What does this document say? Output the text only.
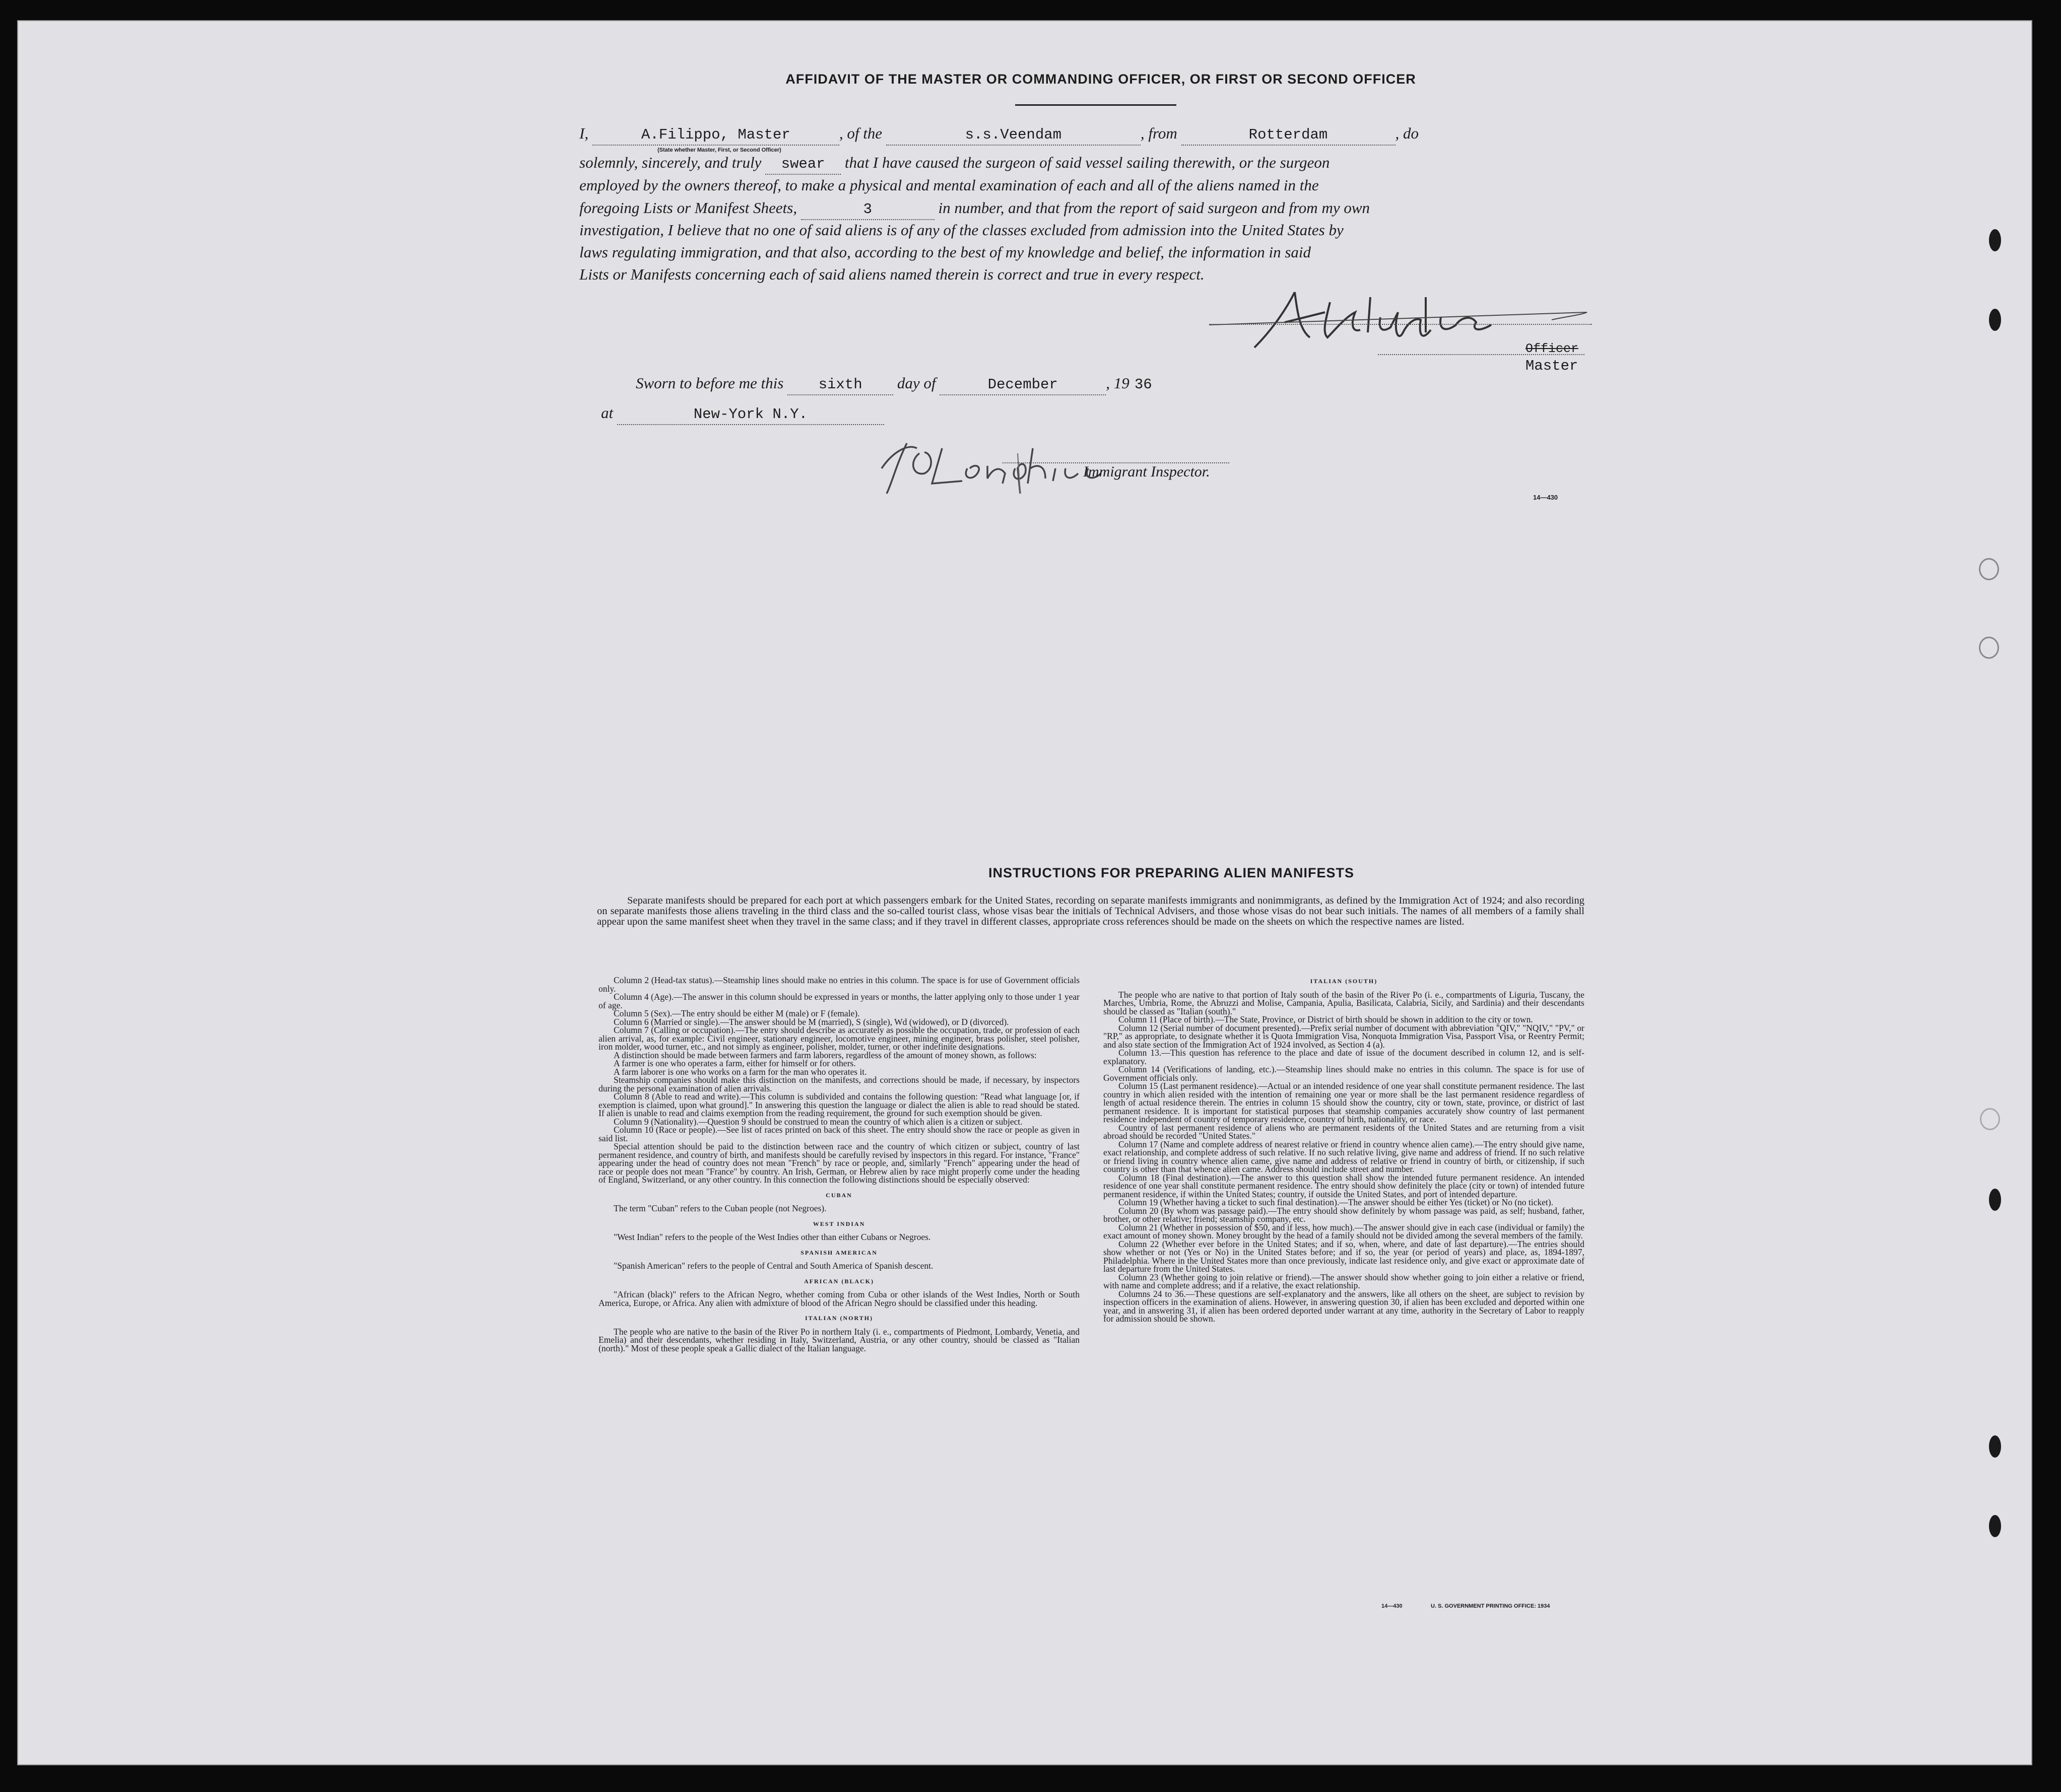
AFFIDAVIT OF THE MASTER OR COMMANDING OFFICER, OR FIRST OR SECOND OFFICER
I,	A.Filippo, Master	, of the	s.s.Veendam	, from	Rotterdam	, do
(State whether Master, First, or Second Officer)
solemnly, sincerely, and truly swear that I have caused the surgeon of said vessel sailing therewith, or the surgeon
employed by the owners thereof, to make a physical and mental examination of each and all of the aliens named in the
foregoing Lists or Manifest Sheets,	3	in number, and that from the report of said surgeon and from my own
investigation, I believe that no one of said aliens is of any of the classes excluded from admission into the United States by
laws regulating immigration, and that also, according to the best of my knowledge and belief, the information in said
Lists or Manifests concerning each of said aliens named therein is correct and true in every respect.
Officer
Master
Sworn to before me this sixth day of	December	, 19 36
at	New-York N.Y.
Immigrant Inspector.
14—430
INSTRUCTIONS FOR PREPARING ALIEN MANIFESTS
Separate manifests should be prepared for each port at which passengers embark for the United States, recording on separate manifests immigrants and nonimmigrants, as defined by the Immigration Act of 1924; and also recording on separate manifests those aliens traveling in the third class and the so-called tourist class, whose visas bear the initials of Technical Advisers, and those whose visas do not bear such initials. The names of all members of a family shall appear upon the same manifest sheet when they travel in the same class; and if they travel in different classes, appropriate cross references should be made on the sheets on which the respective names are listed.

Column 2 (Head-tax status).—Steamship lines should make no entries in this column. The space is for use of Government officials only.

Column 4 (Age).—The answer in this column should be expressed in years or months, the latter applying only to those under 1 year of age.

Column 5 (Sex).—The entry should be either M (male) or F (female).

Column 6 (Married or single).—The answer should be M (married), S (single), Wd (widowed), or D (divorced).

Column 7 (Calling or occupation).—The entry should describe as accurately as possible the occupation, trade, or profession of each alien arrival, as, for example: Civil engineer, stationary engineer, locomotive engineer, mining engineer, brass polisher, steel polisher, iron molder, wood turner, etc., and not simply as engineer, polisher, molder, turner, or other indefinite designations.

A distinction should be made between farmers and farm laborers, regardless of the amount of money shown, as follows:

A farmer is one who operates a farm, either for himself or for others.

A farm laborer is one who works on a farm for the man who operates it.

Steamship companies should make this distinction on the manifests, and corrections should be made, if necessary, by inspectors during the personal examination of alien arrivals.

Column 8 (Able to read and write).—This column is subdivided and contains the following question: "Read what language [or, if exemption is claimed, upon what ground]." In answering this question the language or dialect the alien is able to read should be stated. If alien is unable to read and claims exemption from the reading requirement, the ground for such exemption should be given.

Column 9 (Nationality).—Question 9 should be construed to mean the country of which alien is a citizen or subject.

Column 10 (Race or people).—See list of races printed on back of this sheet. The entry should show the race or people as given in said list.

Special attention should be paid to the distinction between race and the country of which citizen or subject, country of last permanent residence, and country of birth, and manifests should be carefully revised by inspectors in this regard. For instance, "France" appearing under the head of country does not mean "French" by race or people, and, similarly "French" appearing under the head of race or people does not mean "France" by country. An Irish, German, or Hebrew alien by race might properly come under the heading of England, Switzerland, or any other country. In this connection the following distinctions should be especially observed:

CUBAN

The term "Cuban" refers to the Cuban people (not Negroes).

WEST INDIAN

"West Indian" refers to the people of the West Indies other than either Cubans or Negroes.

SPANISH AMERICAN

"Spanish American" refers to the people of Central and South America of Spanish descent.

AFRICAN (BLACK)

"African (black)" refers to the African Negro, whether coming from Cuba or other islands of the West Indies, North or South America, Europe, or Africa. Any alien with admixture of blood of the African Negro should be classified under this heading.

ITALIAN (NORTH)

The people who are native to the basin of the River Po in northern Italy (i. e., compartments of Piedmont, Lombardy, Venetia, and Emelia) and their descendants, whether residing in Italy, Switzerland, Austria, or any other country, should be classed as "Italian (north)." Most of these people speak a Gallic dialect of the Italian language.

ITALIAN (SOUTH)

The people who are native to that portion of Italy south of the basin of the River Po (i. e., compartments of Liguria, Tuscany, the Marches, Umbria, Rome, the Abruzzi and Molise, Campania, Apulia, Basilicata, Calabria, Sicily, and Sardinia) and their descendants should be classed as "Italian (south)."

Column 11 (Place of birth).—The State, Province, or District of birth should be shown in addition to the city or town.

Column 12 (Serial number of document presented).—Prefix serial number of document with abbreviation "QIV," "NQIV," "PV," or "RP," as appropriate, to designate whether it is Quota Immigration Visa, Nonquota Immigration Visa, Passport Visa, or Reentry Permit; and also state section of the Immigration Act of 1924 involved, as Section 4 (a).

Column 13.—This question has reference to the place and date of issue of the document described in column 12, and is self-explanatory.

Column 14 (Verifications of landing, etc.).—Steamship lines should make no entries in this column. The space is for use of Government officials only.

Column 15 (Last permanent residence).—Actual or an intended residence of one year shall constitute permanent residence. The last country in which alien resided with the intention of remaining one year or more shall be the last permanent residence regardless of length of actual residence therein. The entries in column 15 should show the country, city or town, state, province, or district of last permanent residence. It is important for statistical purposes that steamship companies accurately show country of last permanent residence independent of country of temporary residence, country of birth, nationality, or race.

Country of last permanent residence of aliens who are permanent residents of the United States and are returning from a visit abroad should be recorded "United States."

Column 17 (Name and complete address of nearest relative or friend in country whence alien came).—The entry should give name, exact relationship, and complete address of such relative. If no such relative living, give name and address of friend. If no such relative or friend living in country whence alien came, give name and address of relative or friend in country of birth, or citizenship, if such country is other than that whence alien came. Address should include street and number.

Column 18 (Final destination).—The answer to this question shall show the intended future permanent residence. An intended residence of one year shall constitute permanent residence. The entry should show definitely the place (city or town) of intended future permanent residence, if within the United States; country, if outside the United States, and port of intended departure.

Column 19 (Whether having a ticket to such final destination).—The answer should be either Yes (ticket) or No (no ticket).

Column 20 (By whom was passage paid).—The entry should show definitely by whom passage was paid, as self; husband, father, brother, or other relative; friend; steamship company, etc.

Column 21 (Whether in possession of $50, and if less, how much).—The answer should give in each case (individual or family) the exact amount of money shown. Money brought by the head of a family should not be divided among the several members of the family.

Column 22 (Whether ever before in the United States; and if so, when, where, and date of last departure).—The entries should show whether or not (Yes or No) in the United States before; and if so, the year (or period of years) and place, as, 1894-1897, Philadelphia. Where in the United States more than once previously, indicate last residence only, and give exact or approximate date of last departure from the United States.

Column 23 (Whether going to join relative or friend).—The answer should show whether going to join either a relative or friend, with name and complete address; and if a relative, the exact relationship.

Columns 24 to 36.—These questions are self-explanatory and the answers, like all others on the sheet, are subject to revision by inspection officers in the examination of aliens. However, in answering question 30, if alien has been excluded and deported within one year, and in answering 31, if alien has been ordered deported under warrant at any time, authority in the Secretary of Labor to reapply for admission should be shown.

14—430	U. S. GOVERNMENT PRINTING OFFICE: 1934
